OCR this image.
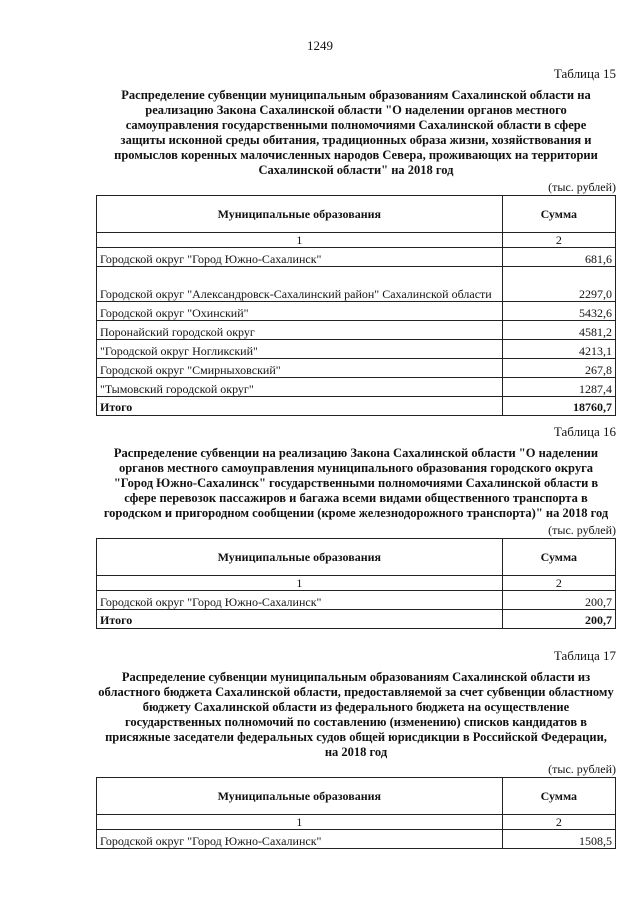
1249
Таблица 15
Распределение субвенции муниципальным образованиям Сахалинской области на реализацию Закона Сахалинской области "О наделении органов местного самоуправления государственными полномочиями Сахалинской области в сфере защиты исконной среды обитания, традиционных образа жизни, хозяйствования и промыслов коренных малочисленных народов Севера, проживающих на территории Сахалинской области" на 2018 год
(тыс. рублей)
Муниципальные образования	Сумма
1	2
Городской округ "Город Южно-Сахалинск"	681,6
Городской округ "Александровск-Сахалинский район" Сахалинской области	2297,0
Городской округ "Охинский"	5432,6
Поронайский городской округ	4581,2
"Городской округ Ногликский"	4213,1
Городской округ "Смирныховский"	267,8
"Тымовский городской округ"	1287,4
Итого	18760,7
Таблица 16
Распределение субвенции на реализацию Закона Сахалинской области "О наделении органов местного самоуправления муниципального образования городского округа "Город Южно-Сахалинск" государственными полномочиями Сахалинской области в сфере перевозок пассажиров и багажа всеми видами общественного транспорта в городском и пригородном сообщении (кроме железнодорожного транспорта)" на 2018 год
(тыс. рублей)
Муниципальные образования	Сумма
1	2
Городской округ "Город Южно-Сахалинск"	200,7
Итого	200,7
Таблица 17
Распределение субвенции муниципальным образованиям Сахалинской области из областного бюджета Сахалинской области, предоставляемой за счет субвенции областному бюджету Сахалинской области из федерального бюджета на осуществление государственных полномочий по составлению (изменению) списков кандидатов в присяжные заседатели федеральных судов общей юрисдикции в Российской Федерации, на 2018 год
(тыс. рублей)
Муниципальные образования	Сумма
1	2
Городской округ "Город Южно-Сахалинск"	1508,5
